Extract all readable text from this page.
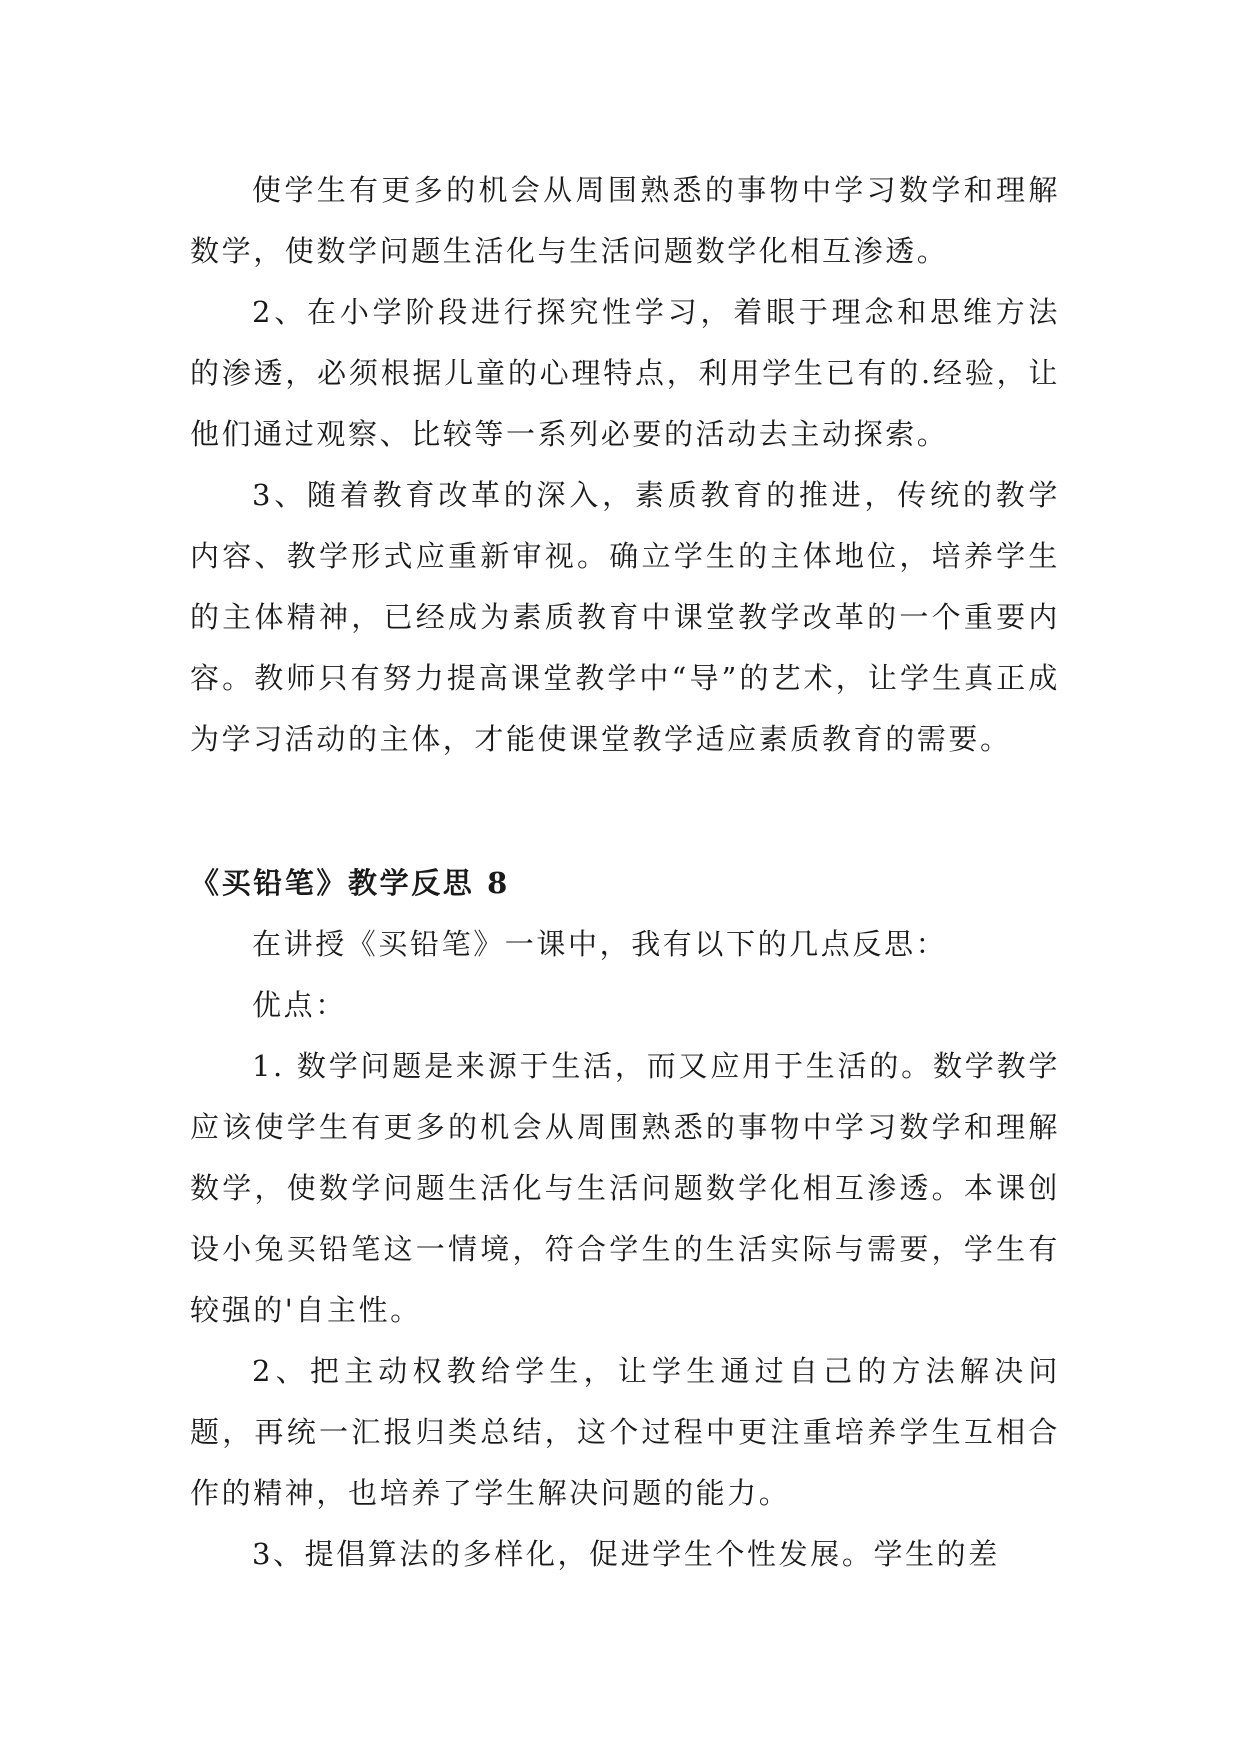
使学生有更多的机会从周围熟悉的事物中学习数学和理解数学，使数学问题生活化与生活问题数学化相互渗透。

2、在小学阶段进行探究性学习，着眼于理念和思维方法的渗透，必须根据儿童的心理特点，利用学生已有的.经验，让他们通过观察、比较等一系列必要的活动去主动探索。

3、随着教育改革的深入，素质教育的推进，传统的教学内容、教学形式应重新审视。确立学生的主体地位，培养学生的主体精神，已经成为素质教育中课堂教学改革的一个重要内容。教师只有努力提高课堂教学中“导”的艺术，让学生真正成为学习活动的主体，才能使课堂教学适应素质教育的需要。

《买铅笔》教学反思 8

在讲授《买铅笔》一课中，我有以下的几点反思：

优点：

1. 数学问题是来源于生活，而又应用于生活的。数学教学应该使学生有更多的机会从周围熟悉的事物中学习数学和理解数学，使数学问题生活化与生活问题数学化相互渗透。本课创设小兔买铅笔这一情境，符合学生的生活实际与需要，学生有较强的'自主性。

2、把主动权教给学生，让学生通过自己的方法解决问题，再统一汇报归类总结，这个过程中更注重培养学生互相合作的精神，也培养了学生解决问题的能力。

3、提倡算法的多样化，促进学生个性发展。学生的差
